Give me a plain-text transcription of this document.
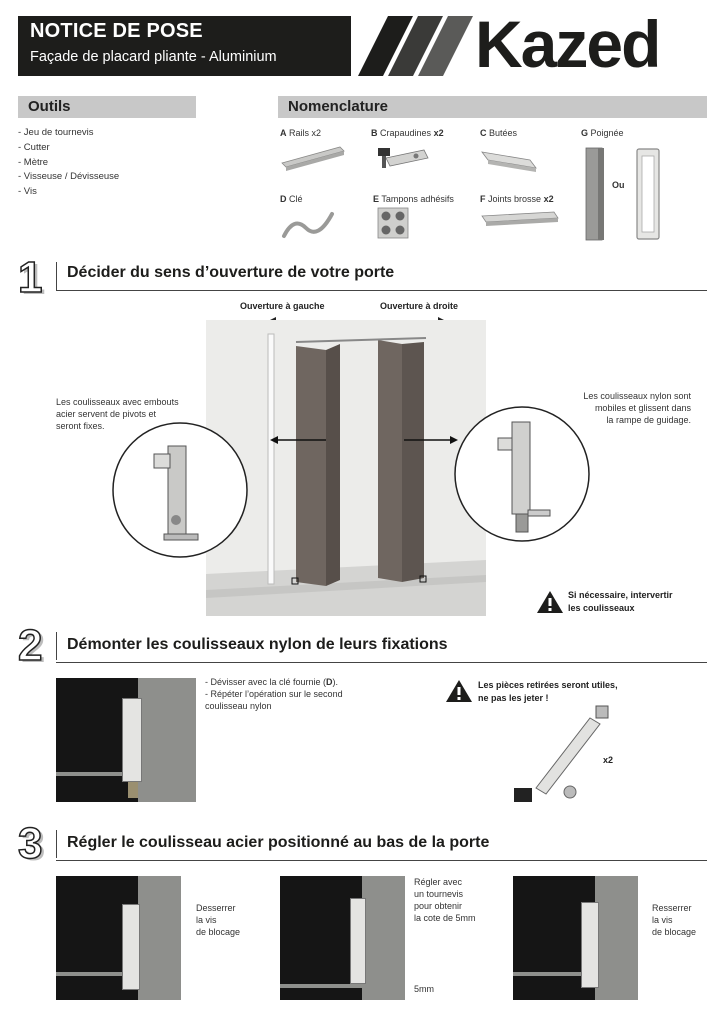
NOTICE DE POSE
Façade de placard pliante - Aluminium	Kazed
Outils
- Jeu de tournevis
- Cutter
- Mètre
- Visseuse / Dévisseuse
- Vis
Nomenclature
A Rails x2	B Crapaudines x2	C Butées	G Poignée
D Clé	E Tampons adhésifs	F Joints brosse x2
Ou
1 Décider du sens d’ouverture de votre porte
Ouverture à gauche	Ouverture à droite
Les coulisseaux avec embouts
acier servent de pivots et
seront fixes.
Les coulisseaux nylon sont
mobiles et glissent dans
la rampe de guidage.
Si nécessaire, intervertir
les coulisseaux
2 Démonter les coulisseaux nylon de leurs fixations
- Dévisser avec la clé fournie (D).
- Répéter l’opération sur le second
coulisseau nylon
Les pièces retirées seront utiles,
ne pas les jeter !
x2
3 Régler le coulisseau acier positionné au bas de la porte
Desserrer
la vis
de blocage
Régler avec
un tournevis
pour obtenir
la cote de 5mm
5mm
Resserrer
la vis
de blocage
